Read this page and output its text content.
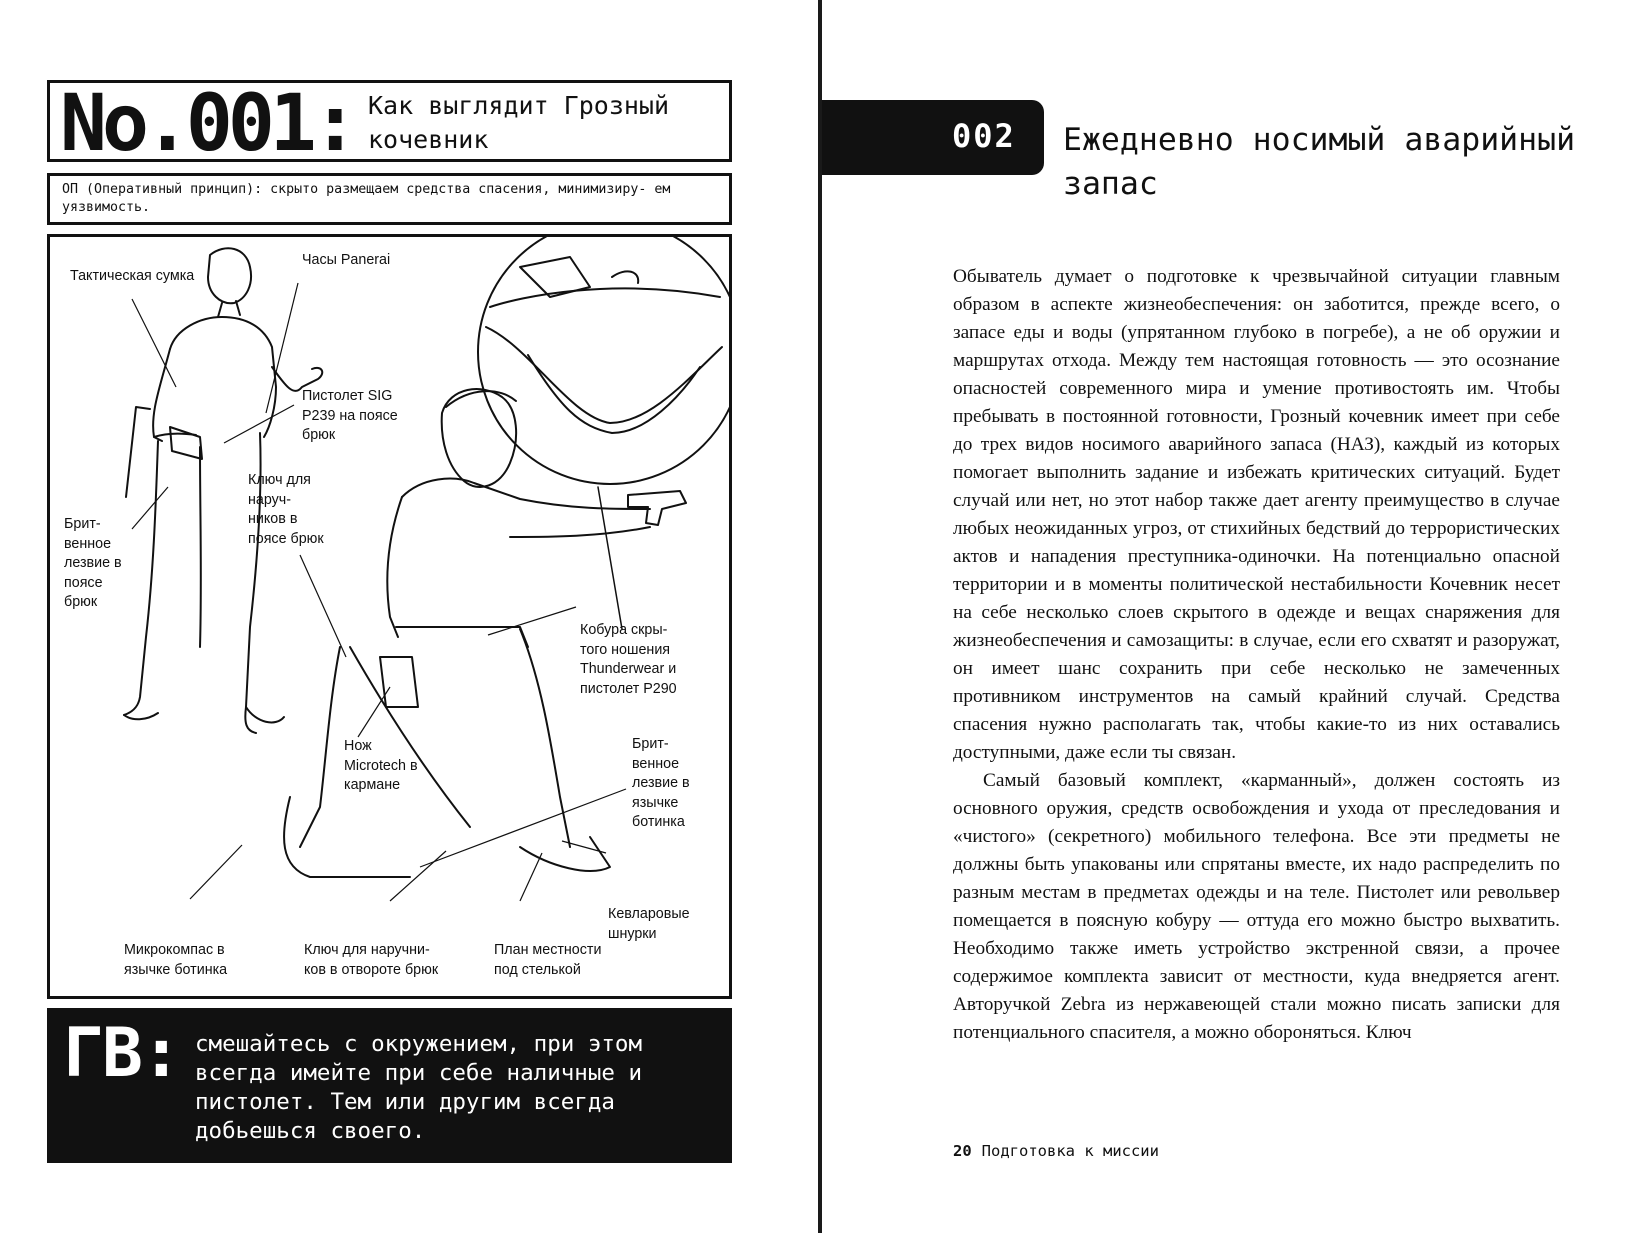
No.001: Как выглядит Грозный кочевник
ОП (Оперативный принцип): скрыто размещаем средства спасения, минимизиру- ем уязвимость.
Тактическая сумка
Часы Panerai
Пистолет SIG P239 на поясе брюк
Ключ для наруч- ников в поясе брюк
Брит- венное лезвие в поясе брюк
Кобура скры- того ношения Thunderwear и пистолет P290
Нож Microtech в кармане
Брит- венное лезвие в язычке ботинка
Кевларовые шнурки
Микрокомпас в язычке ботинка
Ключ для наручни- ков в отвороте брюк
План местности под стелькой
ГВ: смешайтесь с окружением, при этом всегда имейте при себе наличные и пистолет. Тем или другим всегда добьешься своего.
002 Ежедневно носимый аварийный запас

Обыватель думает о подготовке к чрезвычайной ситуации главным образом в аспекте жизнеобеспечения: он заботится, прежде всего, о запасе еды и воды (упрятанном глубоко в погребе), а не об оружии и маршрутах отхода. Между тем настоящая готовность — это осознание опасностей современного мира и умение противостоять им. Чтобы пребывать в постоянной готовности, Грозный кочевник имеет при себе до трех видов носимого аварийного запаса (НАЗ), каждый из которых помогает выполнить задание и избежать критических ситуаций. Будет случай или нет, но этот набор также дает агенту преимущество в случае любых неожиданных угроз, от стихийных бедствий до террористических актов и нападения преступника-одиночки. На потенциально опасной территории и в моменты политической нестабильности Кочевник несет на себе несколько слоев скрытого в одежде и вещах снаряжения для жизнеобеспечения и самозащиты: в случае, если его схватят и разоружат, он имеет шанс сохранить при себе несколько не замеченных противником инструментов на самый крайний случай. Средства спасения нужно располагать так, чтобы какие-то из них оставались доступными, даже если ты связан.

Самый базовый комплект, «карманный», должен состоять из основного оружия, средств освобождения и ухода от преследования и «чистого» (секретного) мобильного телефона. Все эти предметы не должны быть упакованы или спрятаны вместе, их надо распределить по разным местам в предметах одежды и на теле. Пистолет или револьвер помещается в поясную кобуру — оттуда его можно быстро выхватить. Необходимо также иметь устройство экстренной связи, а прочее содержимое комплекта зависит от местности, куда внедряется агент. Авторучкой Zebra из нержавеющей стали можно писать записки для потенциального спасителя, а можно обороняться. Ключ

20 Подготовка к миссии
